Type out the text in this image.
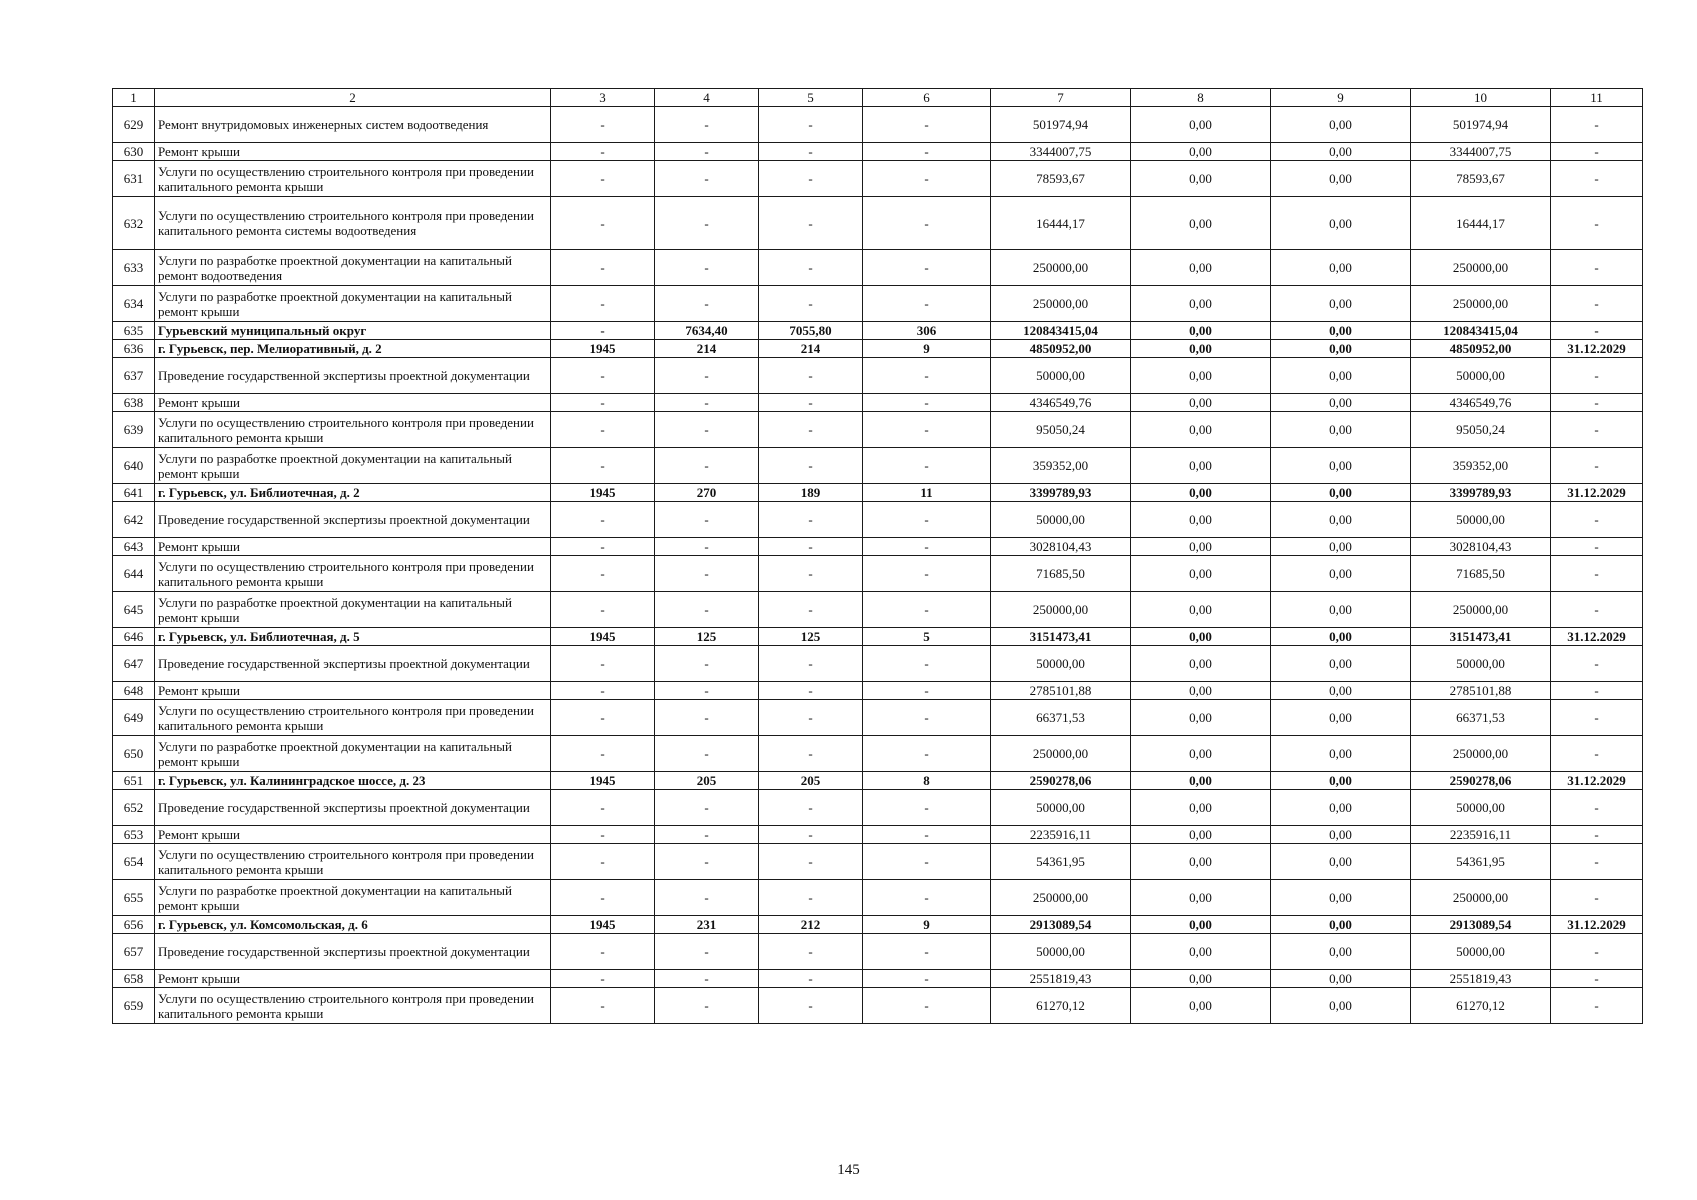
1	2	3	4	5	6	7	8	9	10	11
629	Ремонт внутридомовых инженерных систем водоотведения	-	-	-	-	501974,94	0,00	0,00	501974,94	-
630	Ремонт крыши	-	-	-	-	3344007,75	0,00	0,00	3344007,75	-
631	Услуги по осуществлению строительного контроля при проведении капитального ремонта крыши	-	-	-	-	78593,67	0,00	0,00	78593,67	-
632	Услуги по осуществлению строительного контроля при проведении капитального ремонта системы водоотведения	-	-	-	-	16444,17	0,00	0,00	16444,17	-
633	Услуги по разработке проектной документации на капитальный ремонт водоотведения	-	-	-	-	250000,00	0,00	0,00	250000,00	-
634	Услуги по разработке проектной документации на капитальный ремонт крыши	-	-	-	-	250000,00	0,00	0,00	250000,00	-
635	Гурьевский муниципальный округ	-	7634,40	7055,80	306	120843415,04	0,00	0,00	120843415,04	-
636	г. Гурьевск, пер. Мелиоративный, д. 2	1945	214	214	9	4850952,00	0,00	0,00	4850952,00	31.12.2029
637	Проведение государственной экспертизы проектной документации	-	-	-	-	50000,00	0,00	0,00	50000,00	-
638	Ремонт крыши	-	-	-	-	4346549,76	0,00	0,00	4346549,76	-
639	Услуги по осуществлению строительного контроля при проведении капитального ремонта крыши	-	-	-	-	95050,24	0,00	0,00	95050,24	-
640	Услуги по разработке проектной документации на капитальный ремонт крыши	-	-	-	-	359352,00	0,00	0,00	359352,00	-
641	г. Гурьевск, ул. Библиотечная, д. 2	1945	270	189	11	3399789,93	0,00	0,00	3399789,93	31.12.2029
642	Проведение государственной экспертизы проектной документации	-	-	-	-	50000,00	0,00	0,00	50000,00	-
643	Ремонт крыши	-	-	-	-	3028104,43	0,00	0,00	3028104,43	-
644	Услуги по осуществлению строительного контроля при проведении капитального ремонта крыши	-	-	-	-	71685,50	0,00	0,00	71685,50	-
645	Услуги по разработке проектной документации на капитальный ремонт крыши	-	-	-	-	250000,00	0,00	0,00	250000,00	-
646	г. Гурьевск, ул. Библиотечная, д. 5	1945	125	125	5	3151473,41	0,00	0,00	3151473,41	31.12.2029
647	Проведение государственной экспертизы проектной документации	-	-	-	-	50000,00	0,00	0,00	50000,00	-
648	Ремонт крыши	-	-	-	-	2785101,88	0,00	0,00	2785101,88	-
649	Услуги по осуществлению строительного контроля при проведении капитального ремонта крыши	-	-	-	-	66371,53	0,00	0,00	66371,53	-
650	Услуги по разработке проектной документации на капитальный ремонт крыши	-	-	-	-	250000,00	0,00	0,00	250000,00	-
651	г. Гурьевск, ул. Калининградское шоссе, д. 23	1945	205	205	8	2590278,06	0,00	0,00	2590278,06	31.12.2029
652	Проведение государственной экспертизы проектной документации	-	-	-	-	50000,00	0,00	0,00	50000,00	-
653	Ремонт крыши	-	-	-	-	2235916,11	0,00	0,00	2235916,11	-
654	Услуги по осуществлению строительного контроля при проведении капитального ремонта крыши	-	-	-	-	54361,95	0,00	0,00	54361,95	-
655	Услуги по разработке проектной документации на капитальный ремонт крыши	-	-	-	-	250000,00	0,00	0,00	250000,00	-
656	г. Гурьевск, ул. Комсомольская, д. 6	1945	231	212	9	2913089,54	0,00	0,00	2913089,54	31.12.2029
657	Проведение государственной экспертизы проектной документации	-	-	-	-	50000,00	0,00	0,00	50000,00	-
658	Ремонт крыши	-	-	-	-	2551819,43	0,00	0,00	2551819,43	-
659	Услуги по осуществлению строительного контроля при проведении капитального ремонта крыши	-	-	-	-	61270,12	0,00	0,00	61270,12	-
145
